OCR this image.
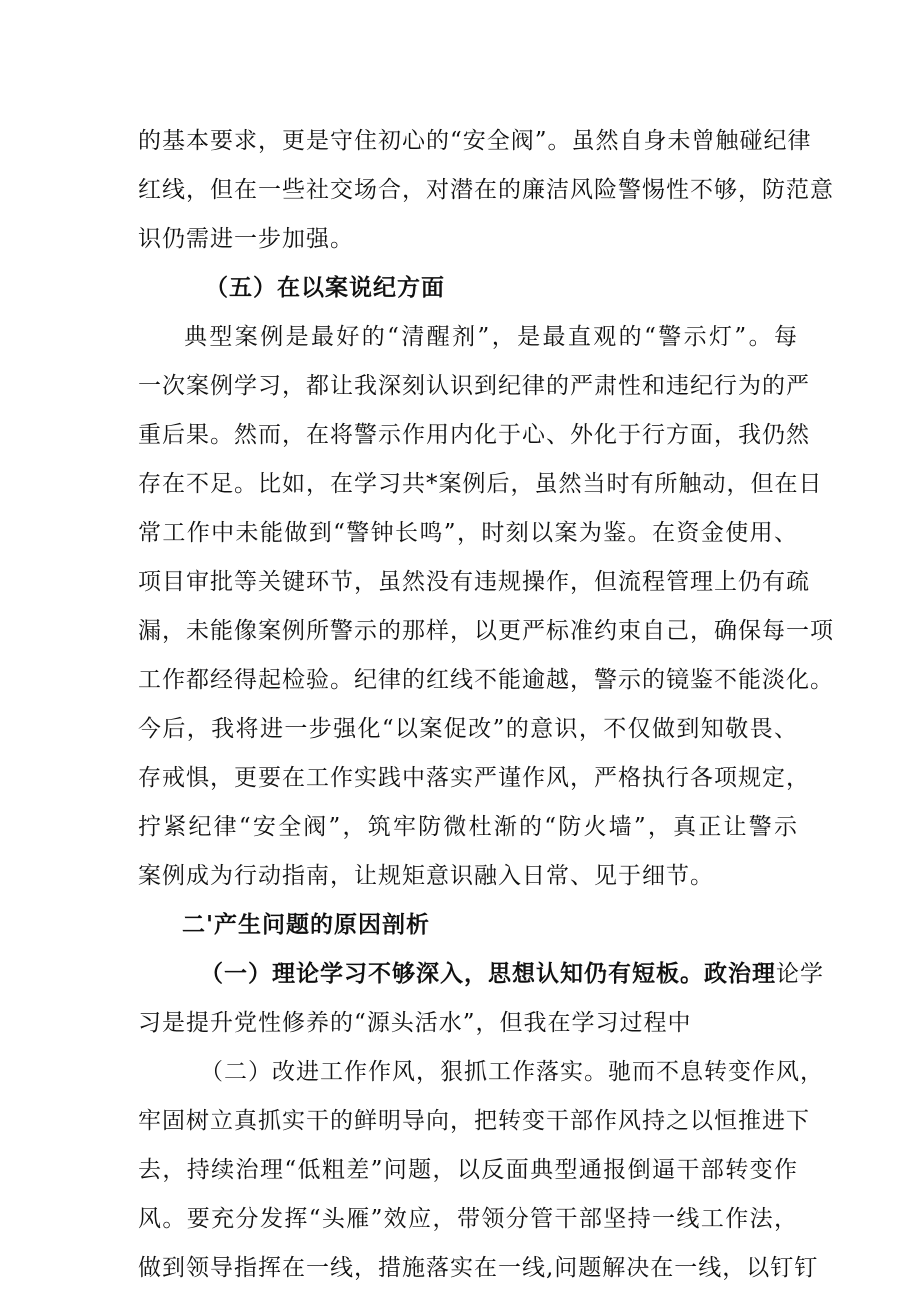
的基本要求，更是守住初心的“安全阀”。虽然自身未曾触碰纪律
红线，但在一些社交场合，对潜在的廉洁风险警惕性不够，防范意
识仍需进一步加强。
（五）在以案说纪方面
典型案例是最好的“清醒剂”，是最直观的“警示灯”。每
一次案例学习，都让我深刻认识到纪律的严肃性和违纪行为的严
重后果。然而，在将警示作用内化于心、外化于行方面，我仍然
存在不足。比如，在学习共*案例后，虽然当时有所触动，但在日
常工作中未能做到“警钟长鸣”，时刻以案为鉴。在资金使用、
项目审批等关键环节，虽然没有违规操作，但流程管理上仍有疏
漏，未能像案例所警示的那样，以更严标准约束自己，确保每一项
工作都经得起检验。纪律的红线不能逾越，警示的镜鉴不能淡化。
今后，我将进一步强化“以案促改”的意识，不仅做到知敬畏、
存戒惧，更要在工作实践中落实严谨作风，严格执行各项规定，
拧紧纪律“安全阀”，筑牢防微杜渐的“防火墙”，真正让警示
案例成为行动指南，让规矩意识融入日常、见于细节。
二'产生问题的原因剖析
（一）理论学习不够深入，思想认知仍有短板。政治理论学
习是提升党性修养的“源头活水”，但我在学习过程中
（二）改进工作作风，狠抓工作落实。驰而不息转变作风，
牢固树立真抓实干的鲜明导向，把转变干部作风持之以恒推进下
去，持续治理“低粗差”问题，以反面典型通报倒逼干部转变作
风。要充分发挥“头雁”效应，带领分管干部坚持一线工作法，
做到领导指挥在一线，措施落实在一线,问题解决在一线，以钉钉
